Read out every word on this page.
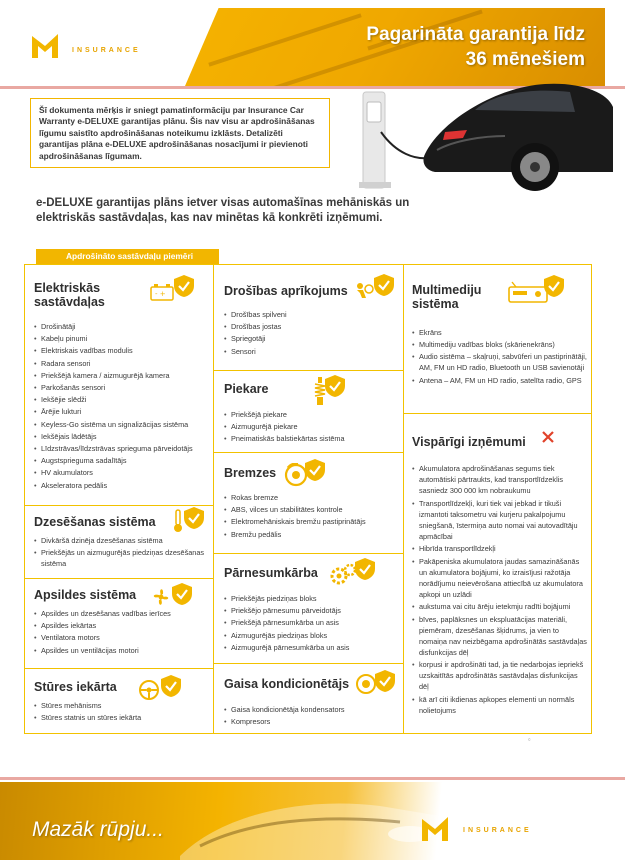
INSURANCE
Pagarināta garantija līdz
36 mēnešiem
Šī dokumenta mērķis ir sniegt pamatinformāciju par Insurance Car Warranty e-DELUXE garantijas plānu. Šis nav visu ar apdrošināšanas līgumu saistīto apdrošināšanas noteikumu izklāsts. Detalizēti garantijas plāna e-DELUXE apdrošināšanas nosacījumi ir pievienoti apdrošināšanas līgumam.
e-DELUXE garantijas plāns ietver visas automašīnas mehāniskās un elektriskās sastāvdaļas, kas nav minētas kā konkrēti izņēmumi.
Apdrošināto sastāvdaļu piemēri
Elektriskās
sastāvdaļas
• Drošinātāji
• Kabeļu pinumi
• Elektriskais vadības modulis
• Radara sensori
• Priekšējā kamera / aizmugurējā kamera
• Parkošanās sensori
• Iekšējie slēdži
• Ārējie lukturi
• Keyless-Go sistēma un signalizācijas sistēma
• Iekšējais lādētājs
• Līdzstrāvas/līdzstrāvas sprieguma pārveidotājs
• Augstsprieguma sadalītājs
• HV akumulators
• Akseleratora pedālis
- +
Dzesēšanas sistēma
• Divkāršā dzinēja dzesēšanas sistēma
• Priekšējās un aizmugurējās piedziņas dzesēšanas sistēma
Apsildes sistēma
• Apsildes un dzesēšanas vadības ierīces
• Apsildes iekārtas
• Ventilatora motors
• Apsildes un ventilācijas motori
Stūres iekārta
• Stūres mehānisms
• Stūres statnis un stūres iekārta
Drošības aprīkojums
• Drošības spilveni
• Drošības jostas
• Spriegotāji
• Sensori
Piekare
• Priekšējā piekare
• Aizmugurējā piekare
• Pneimatiskās balstiekārtas sistēma
Bremzes
• Rokas bremze
• ABS, vilces un stabilitātes kontrole
• Elektromehāniskais bremžu pastiprinātājs
• Bremžu pedālis
Pārnesumkārba
• Priekšējās piedziņas bloks
• Priekšējo pārnesumu pārveidotājs
• Priekšējā pārnesumkārba un asis
• Aizmugurējās piedziņas bloks
• Aizmugurējā pārnesumkārba un asis
Gaisa kondicionētājs
• Gaisa kondicionētāja kondensators
• Kompresors
Multimediju
sistēma
• Ekrāns
• Multimediju vadības bloks (skārienekrāns)
• Audio sistēma – skaļruņi, sabvūferi un pastiprinātāji, AM, FM un HD radio, Bluetooth un USB savienotāji
• Antena – AM, FM un HD radio, satelīta radio, GPS
Vispārīgi izņēmumi
• Akumulatora apdrošināšanas segums tiek automātiski pārtraukts, kad transportlīdzeklis sasniedz 300 000 km nobraukumu
• Transportlīdzekļi, kuri tiek vai jebkad ir tikuši izmantoti taksometru vai kurjeru pakalpojumu sniegšanā, īstermiņa auto nomai vai autovadītāju apmācībai
• Hibrīda transportlīdzekļi
• Pakāpeniska akumulatora jaudas samazināšanās un akumulatora bojājumi, ko izraisījusi ražotāja norādījumu neievērošana attiecībā uz akumulatora apkopi un uzlādi
• aukstuma vai citu ārēju ietekmju radīti bojājumi
• bīves, paplāksnes un ekspluatācijas materiāli, piemēram, dzesēšanas šķidrums, ja vien to nomaiņa nav neizbēgama apdrošinātās sastāvdaļas disfunkcijas dēļ
• korpusi ir apdrošināti tad, ja tie nedarbojas iepriekš uzskaitītās apdrošinātās sastāvdaļas disfunkcijas dēļ
• kā arī citi ikdienas apkopes elementi un normāls nolietojums
©
Mazāk rūpju...	INSURANCE
